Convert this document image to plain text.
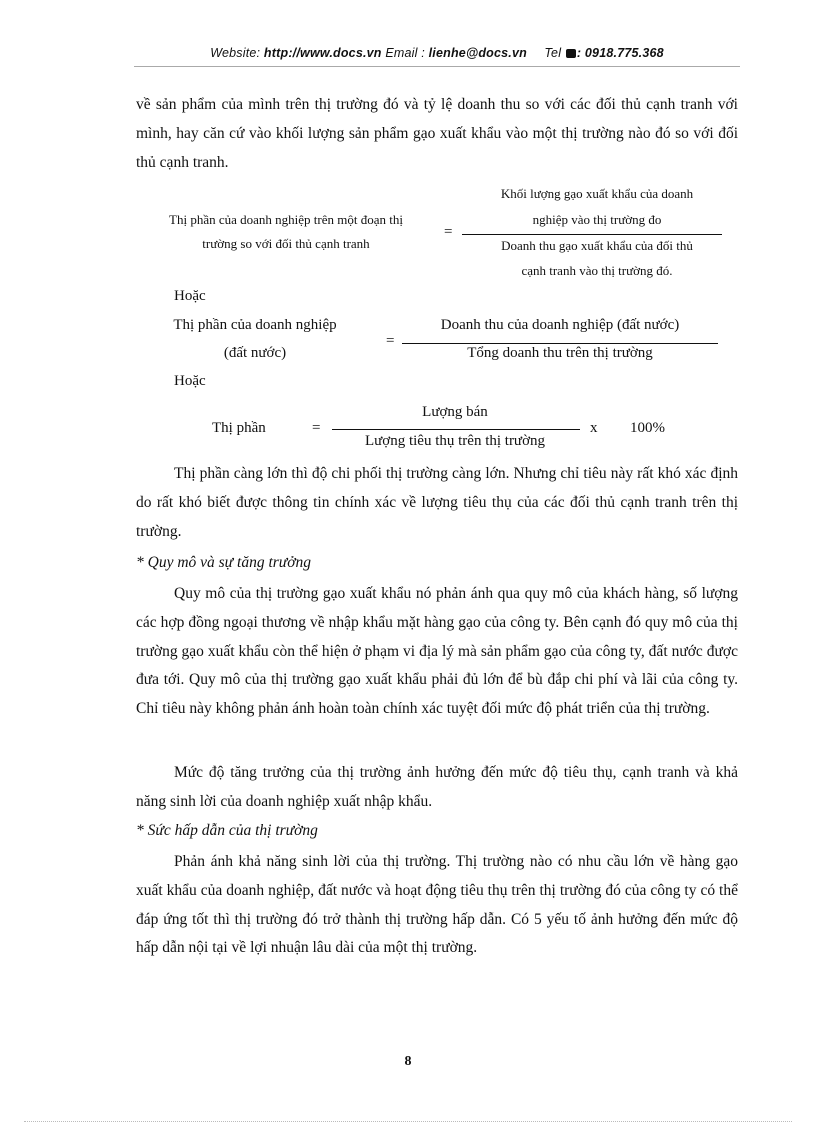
Website: http://www.docs.vn Email : lienhe@docs.vn Tel : 0918.775.368

về sản phẩm của mình trên thị trường đó và tỷ lệ doanh thu so với các đối thủ cạnh tranh với mình, hay căn cứ vào khối lượng sản phẩm gạo xuất khẩu vào một thị trường nào đó so với đối thủ cạnh tranh.

Thị phần của doanh nghiệp trên một đoạn thị
trường so với đối thủ cạnh tranh
=
Khối lượng gạo xuất khẩu của doanh
nghiệp vào thị trường đo
Doanh thu gạo xuất khẩu của đối thủ
cạnh tranh vào thị trường đó.
Hoặc
Thị phần của doanh nghiệp
(đất nước)
=
Doanh thu của doanh nghiệp (đất nước)
Tổng doanh thu trên thị trường
Hoặc
Thị phần	=
Lượng bán
Lượng tiêu thụ trên thị trường
x 100%

Thị phần càng lớn thì độ chi phối thị trường càng lớn. Nhưng chỉ tiêu này rất khó xác định do rất khó biết được thông tin chính xác về lượng tiêu thụ của các đối thủ cạnh tranh trên thị trường.

* Quy mô và sự tăng trưởng

Quy mô của thị trường gạo xuất khẩu nó phản ánh qua quy mô của khách hàng, số lượng các hợp đồng ngoại thương về nhập khẩu mặt hàng gạo của công ty. Bên cạnh đó quy mô của thị trường gạo xuất khẩu còn thể hiện ở phạm vi địa lý mà sản phẩm gạo của công ty, đất nước được đưa tới. Quy mô của thị trường gạo xuất khẩu phải đủ lớn để bù đắp chi phí và lãi của công ty. Chỉ tiêu này không phản ánh hoàn toàn chính xác tuyệt đối mức độ phát triển của thị trường.

Mức độ tăng trưởng của thị trường ảnh hưởng đến mức độ tiêu thụ, cạnh tranh và khả năng sinh lời của doanh nghiệp xuất nhập khẩu.

* Sức hấp dẫn của thị trường

Phản ánh khả năng sinh lời của thị trường. Thị trường nào có nhu cầu lớn về hàng gạo xuất khẩu của doanh nghiệp, đất nước và hoạt động tiêu thụ trên thị trường đó của công ty có thể đáp ứng tốt thì thị trường đó trở thành thị trường hấp dẫn. Có 5 yếu tố ảnh hưởng đến mức độ hấp dẫn nội tại về lợi nhuận lâu dài của một thị trường.

8
